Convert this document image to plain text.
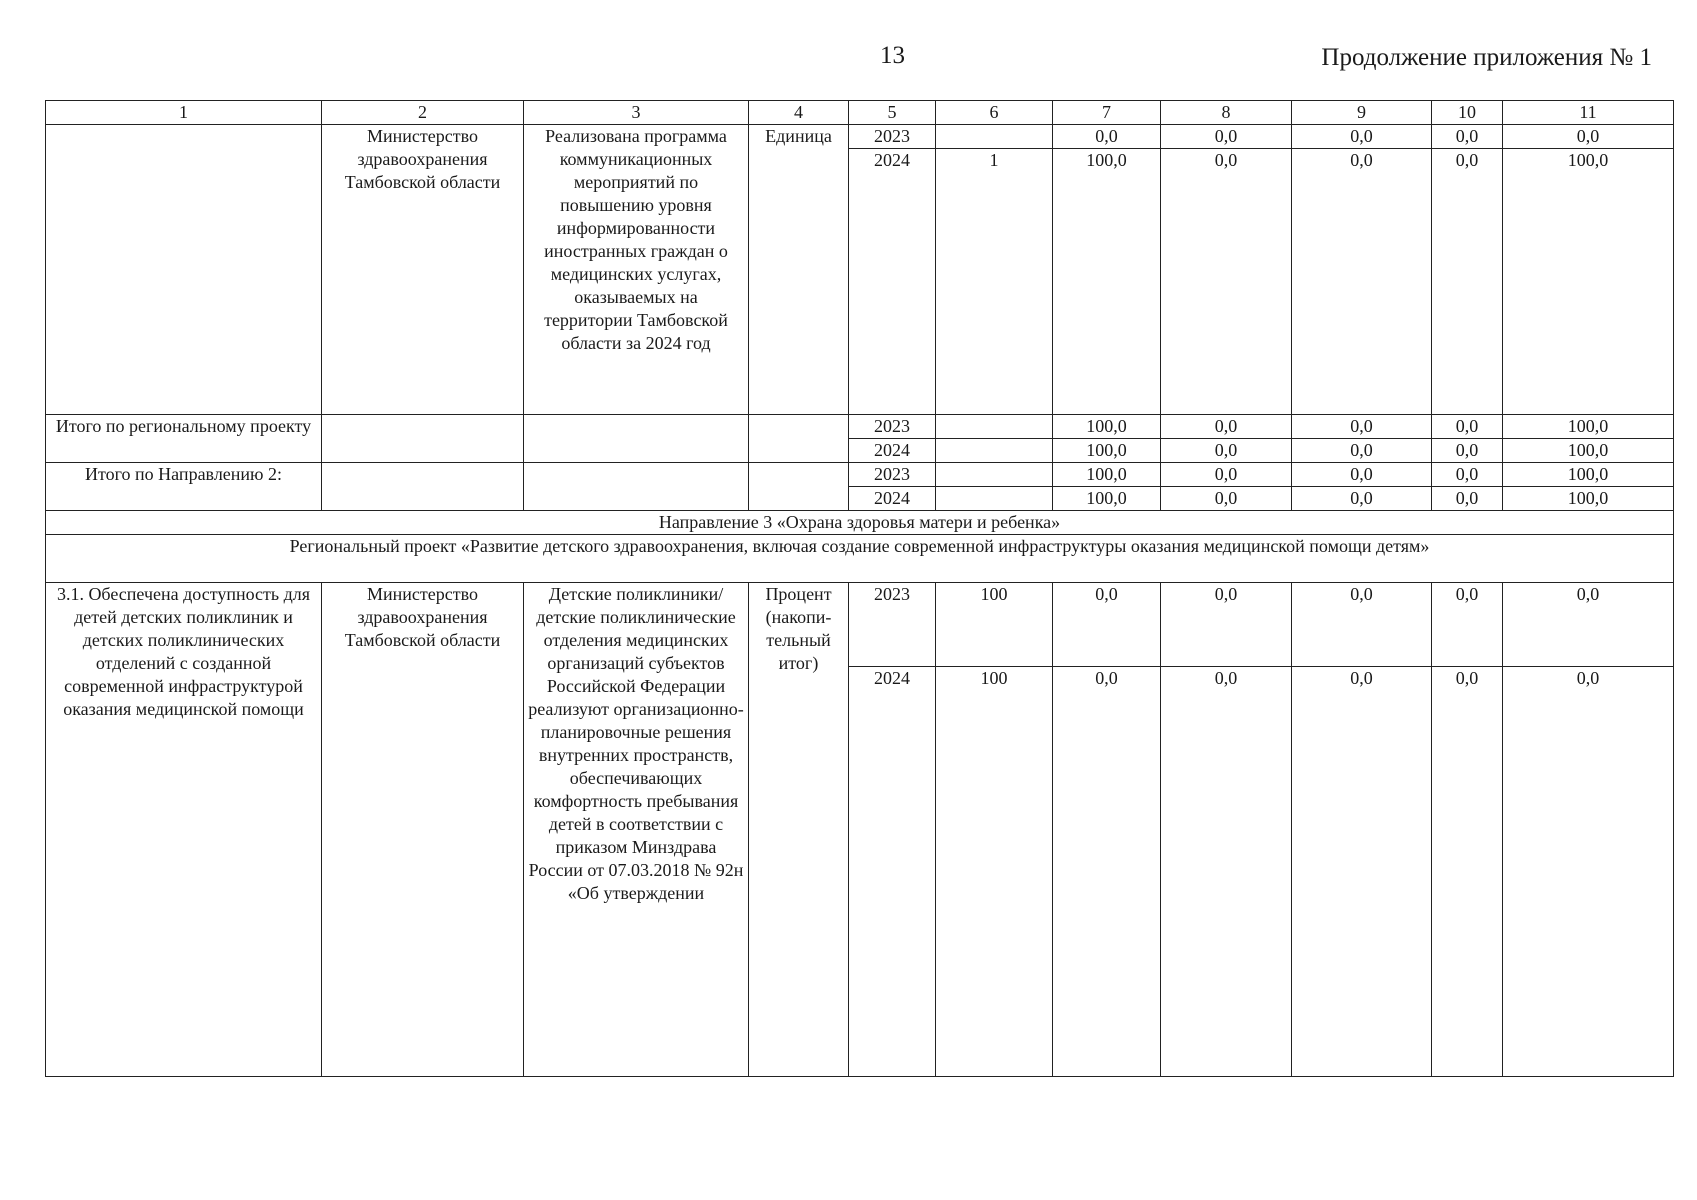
13	Продолжение приложения № 1
1	2	3	4	5	6	7	8	9	10	11
	Министерство здравоохранения Тамбовской области	Реализована программа коммуникационных мероприятий по повышению уровня информированности иностранных граждан о медицинских услугах, оказываемых на территории Тамбовской области за 2024 год	Единица	2023		0,0	0,0	0,0	0,0	0,0
				2024	1	100,0	0,0	0,0	0,0	100,0
Итого по региональному проекту				2023		100,0	0,0	0,0	0,0	100,0
				2024		100,0	0,0	0,0	0,0	100,0
Итого по Направлению 2:				2023		100,0	0,0	0,0	0,0	100,0
				2024		100,0	0,0	0,0	0,0	100,0
Направление 3 «Охрана здоровья матери и ребенка»										
Региональный проект «Развитие детского здравоохранения, включая создание современной инфраструктуры оказания медицинской помощи детям»										
3.1. Обеспечена доступность для детей детских поликлиник и детских поликлинических отделений с созданной современной инфраструктурой оказания медицинской помощи	Министерство здравоохранения Тамбовской области	Детские поликлиники/детские поликлинические отделения медицинских организаций субъектов Российской Федерации реализуют организационно-планировочные решения внутренних пространств, обеспечивающих комфортность пребывания детей в соответствии с приказом Минздрава России от 07.03.2018 № 92н «Об утверждении	Процент (накопи-тельный итог)	2023	100	0,0	0,0	0,0	0,0	0,0
				2024	100	0,0	0,0	0,0	0,0	0,0
